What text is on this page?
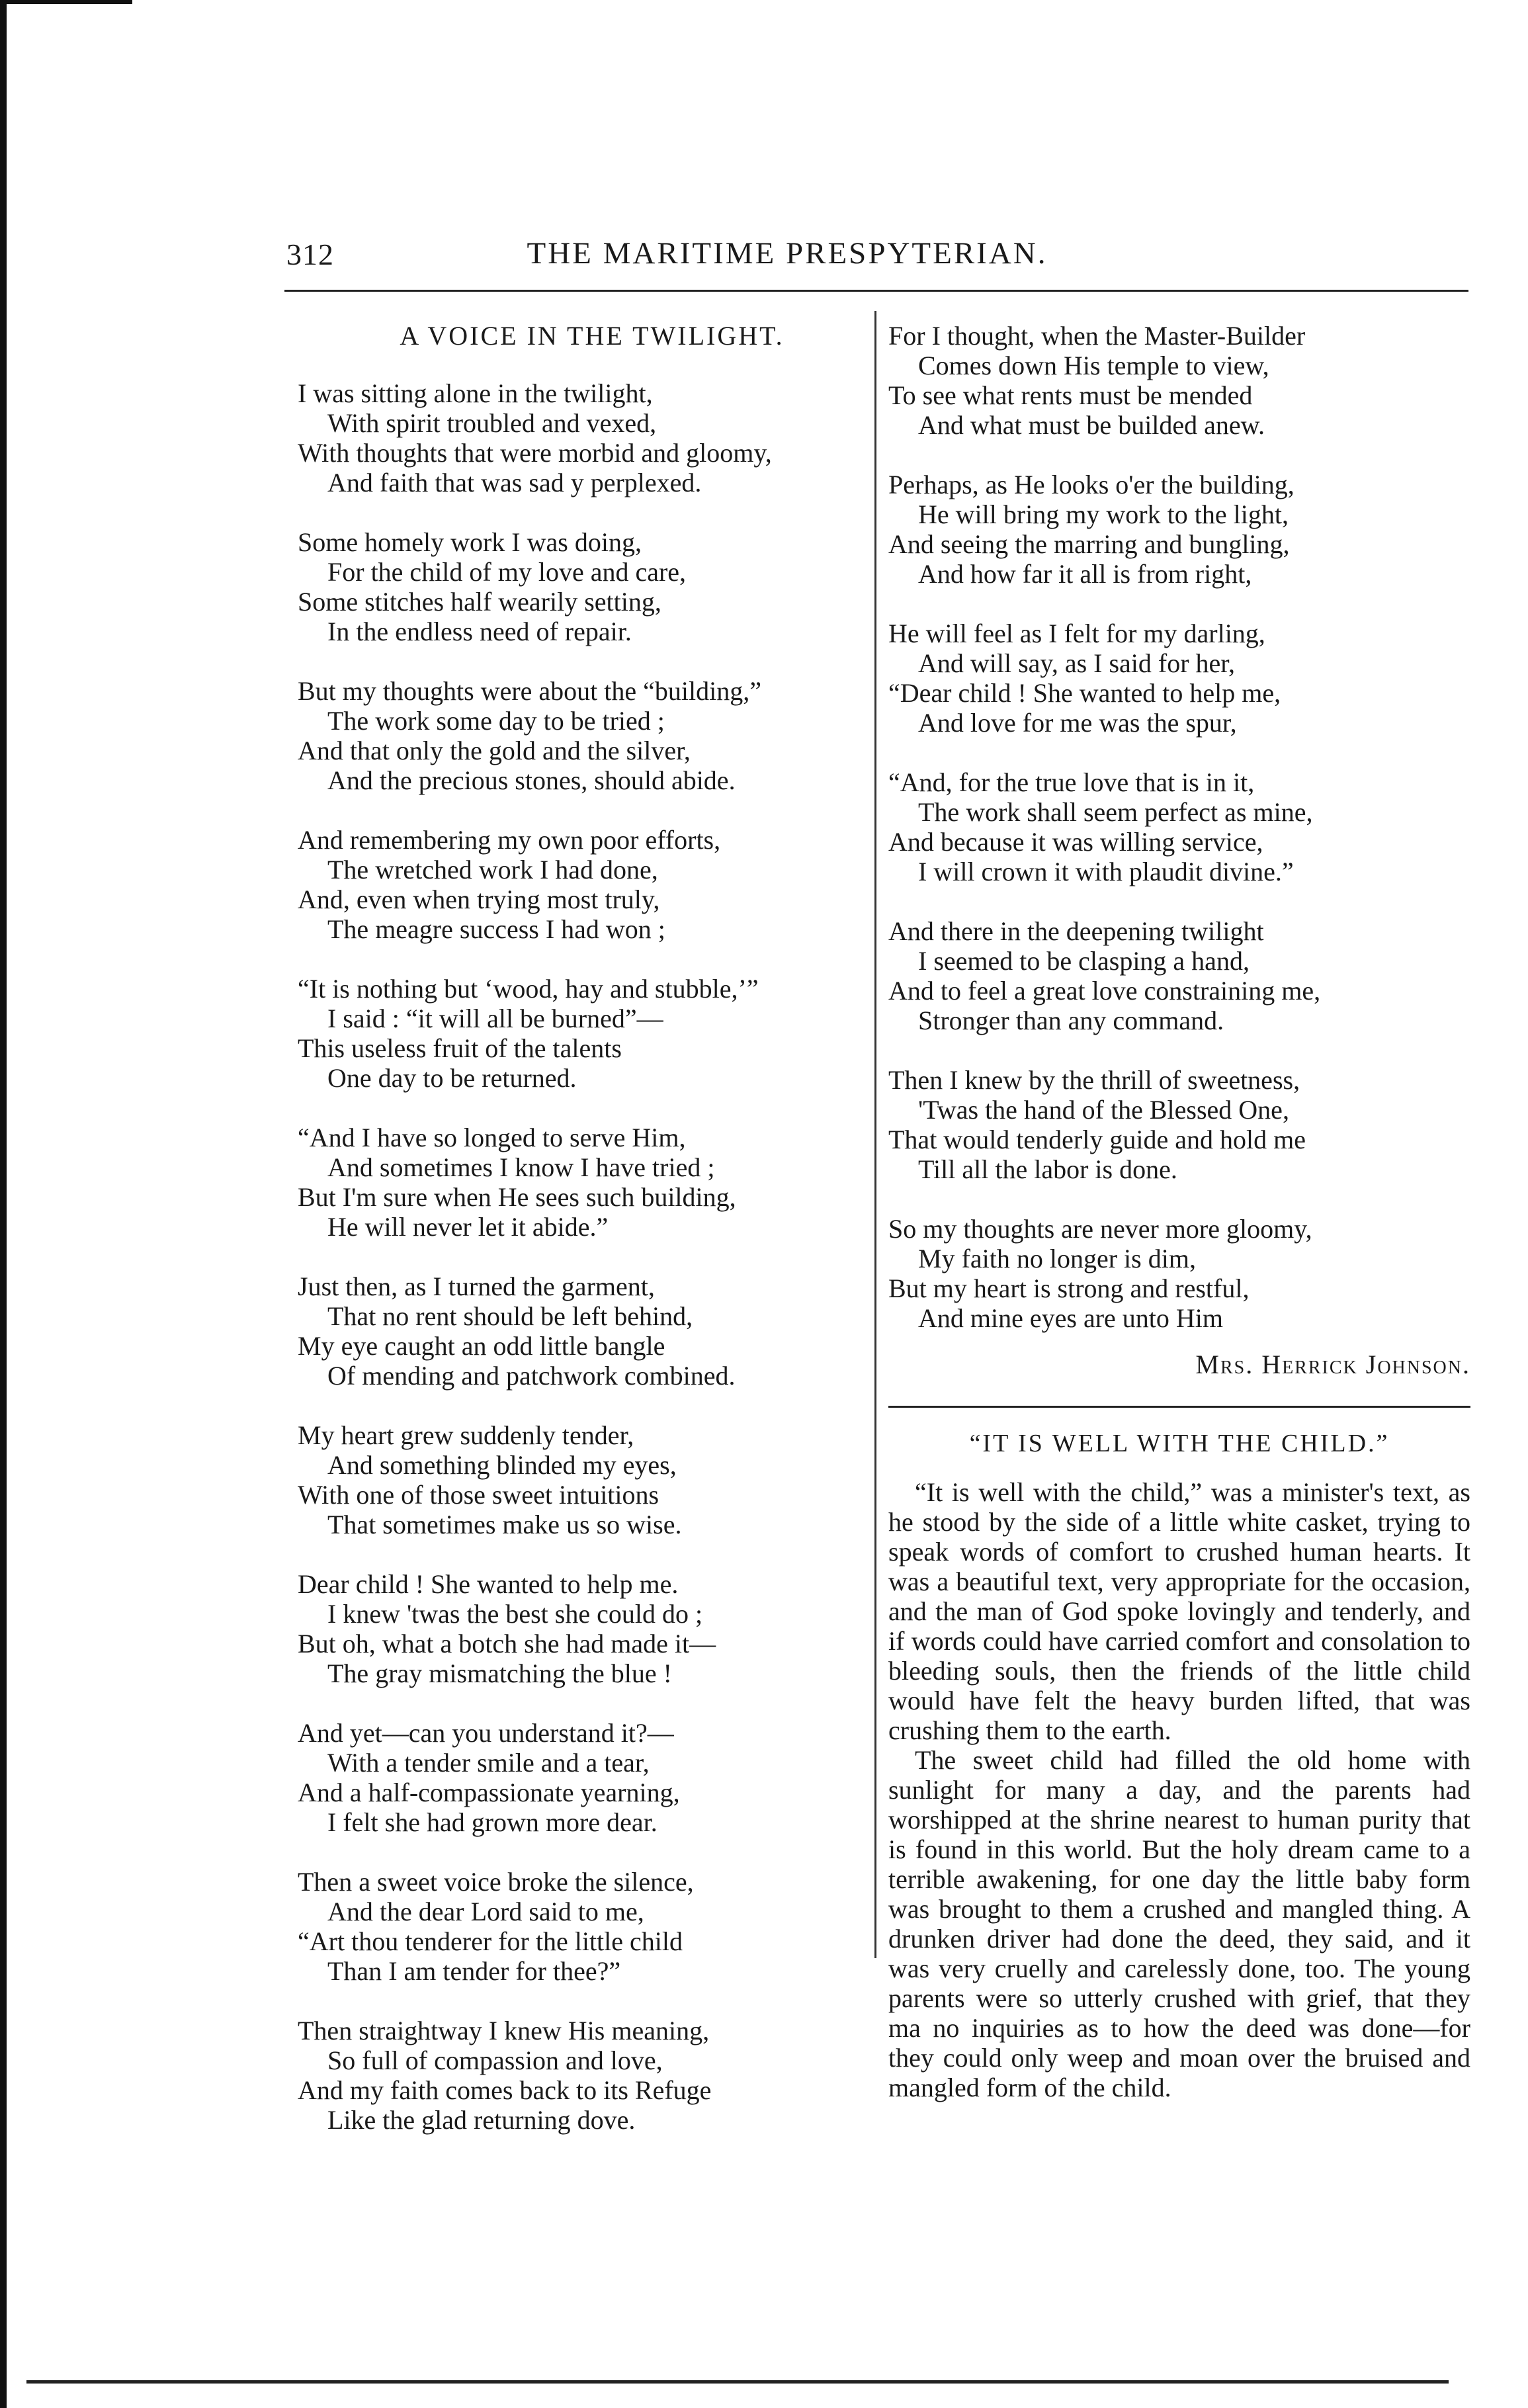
312	THE MARITIME PRESPYTERIAN.
A VOICE IN THE TWILIGHT.
I was sitting alone in the twilight,
With spirit troubled and vexed,
With thoughts that were morbid and gloomy,
And faith that was sad y perplexed.
Some homely work I was doing,
For the child of my love and care,
Some stitches half wearily setting,
In the endless need of repair.
But my thoughts were about the “building,”
The work some day to be tried ;
And that only the gold and the silver,
And the precious stones, should abide.
And remembering my own poor efforts,
The wretched work I had done,
And, even when trying most truly,
The meagre success I had won ;
“It is nothing but ‘wood, hay and stubble,’”
I said : “it will all be burned”—
This useless fruit of the talents
One day to be returned.
“And I have so longed to serve Him,
And sometimes I know I have tried ;
But I'm sure when He sees such building,
He will never let it abide.”
Just then, as I turned the garment,
That no rent should be left behind,
My eye caught an odd little bangle
Of mending and patchwork combined.
My heart grew suddenly tender,
And something blinded my eyes,
With one of those sweet intuitions
That sometimes make us so wise.
Dear child ! She wanted to help me.
I knew 'twas the best she could do ;
But oh, what a botch she had made it—
The gray mismatching the blue !
And yet—can you understand it?—
With a tender smile and a tear,
And a half-compassionate yearning,
I felt she had grown more dear.
Then a sweet voice broke the silence,
And the dear Lord said to me,
“Art thou tenderer for the little child
Than I am tender for thee?”
Then straightway I knew His meaning,
So full of compassion and love,
And my faith comes back to its Refuge
Like the glad returning dove.
For I thought, when the Master-Builder
Comes down His temple to view,
To see what rents must be mended
And what must be builded anew.
Perhaps, as He looks o'er the building,
He will bring my work to the light,
And seeing the marring and bungling,
And how far it all is from right,
He will feel as I felt for my darling,
And will say, as I said for her,
“Dear child ! She wanted to help me,
And love for me was the spur,
“And, for the true love that is in it,
The work shall seem perfect as mine,
And because it was willing service,
I will crown it with plaudit divine.”
And there in the deepening twilight
I seemed to be clasping a hand,
And to feel a great love constraining me,
Stronger than any command.
Then I knew by the thrill of sweetness,
'Twas the hand of the Blessed One,
That would tenderly guide and hold me
Till all the labor is done.
So my thoughts are never more gloomy,
My faith no longer is dim,
But my heart is strong and restful,
And mine eyes are unto Him
Mrs. Herrick Johnson.
“IT IS WELL WITH THE CHILD.”

“It is well with the child,” was a minister's text, as he stood by the side of a little white casket, trying to speak words of comfort to crushed human hearts. It was a beautiful text, very appropriate for the occasion, and the man of God spoke lovingly and tenderly, and if words could have carried comfort and consolation to bleeding souls, then the friends of the little child would have felt the heavy burden lifted, that was crushing them to the earth.

The sweet child had filled the old home with sunlight for many a day, and the parents had worshipped at the shrine nearest to human purity that is found in this world. But the holy dream came to a terrible awakening, for one day the little baby form was brought to them a crushed and mangled thing. A drunken driver had done the deed, they said, and it was very cruelly and carelessly done, too. The young parents were so utterly crushed with grief, that they ma no inquiries as to how the deed was done—for they could only weep and moan over the bruised and mangled form of the child.
